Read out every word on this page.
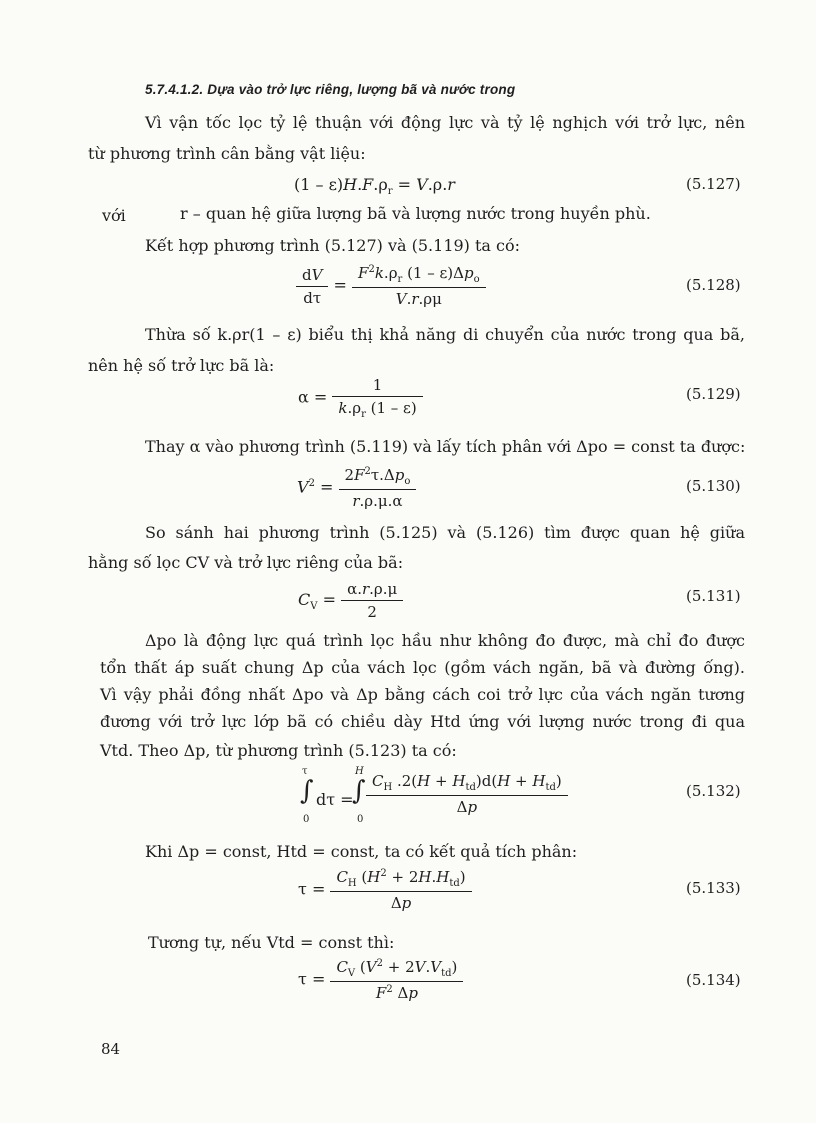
5.7.4.1.2. Dựa vào trở lực riêng, lượng bã và nước trong
Vì vận tốc lọc tỷ lệ thuận với động lực và tỷ lệ nghịch với trở lực, nên
từ phương trình cân bằng vật liệu:
$(1 - \varepsilon)H.F.\rho_r = V.\rho.r$	(5.127)
với	r – quan hệ giữa lượng bã và lượng nước trong huyền phù.
Kết hợp phương trình (5.127) và (5.119) ta có:
$\frac{dV}{d\tau} = \frac{F^2k.\rho_r (1 - \varepsilon)\Delta p_o}{V.r.\rho\mu}$	(5.128)
Thừa số k.ρr(1 – ε) biểu thị khả năng di chuyển của nước trong qua bã,
nên hệ số trở lực bã là:
$\alpha = \frac{1}{k.\rho_r (1 - \varepsilon)}$	(5.129)
Thay α vào phương trình (5.119) và lấy tích phân với Δpo = const ta được:
$V^2 = \frac{2F^2\tau.\Delta p_o}{r.\rho.\mu.\alpha}$	(5.130)
So sánh hai phương trình (5.125) và (5.126) tìm được quan hệ giữa
hằng số lọc CV và trở lực riêng của bã:
$C_V = \frac{\alpha.r.\rho.\mu}{2}$	(5.131)
Δpo là động lực quá trình lọc hầu như không đo được, mà chỉ đo được
tổn thất áp suất chung Δp của vách lọc (gồm vách ngăn, bã và đường ống).
Vì vậy phải đồng nhất Δpo và Δp bằng cách coi trở lực của vách ngăn tương
đương với trở lực lớp bã có chiều dày Htd ứng với lượng nước trong đi qua
Vtd. Theo Δp, từ phương trình (5.123) ta có:
τ
∫
0
dτ =
H
∫
0
$C_H$ $.2(H + H_{td})d(H + H_{td})$
Δp
(5.132)
Khi Δp = const, Htd = const, ta có kết quả tích phân:
$\tau = \frac{C_H (H^2 + 2H.H_{td})}{\Delta p}$	(5.133)
Tương tự, nếu Vtd = const thì:
$\tau = \frac{C_V (V^2 + 2V.V_{td})}{F^2 \Delta p}$	(5.134)
84
